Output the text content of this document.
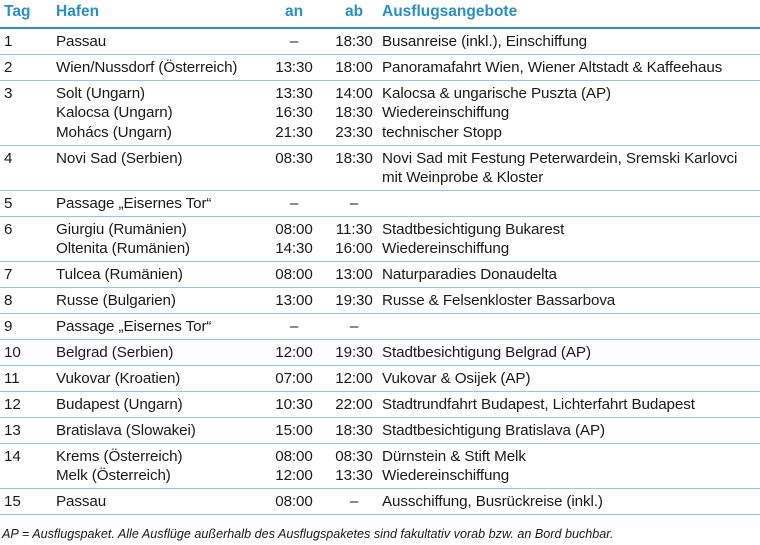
Tag Hafen	an	ab	Ausflugsangebote
1	Passau	–	18:30 Busanreise (inkl.), Einschiffung
2	Wien/Nussdorf (Österreich)	13:30	18:00 Panoramafahrt Wien, Wiener Altstadt & Kaffeehaus
3	Solt (Ungarn)	13:30	14:00 Kalocsa & ungarische Puszta (AP)
Kalocsa (Ungarn)	16:30	18:30 Wiedereinschiffung
Mohács (Ungarn)	21:30	23:30 technischer Stopp
4	Novi Sad (Serbien)	08:30	18:30 Novi Sad mit Festung Peterwardein, Sremski Karlovci
mit Weinprobe & Kloster
5	Passage „Eisernes Tor“	–	–
6	Giurgiu (Rumänien)	08:00	11:30 Stadtbesichtigung Bukarest
Oltenita (Rumänien)	14:30	16:00 Wiedereinschiffung
7	Tulcea (Rumänien)	08:00	13:00 Naturparadies Donaudelta
8	Russe (Bulgarien)	13:00	19:30 Russe & Felsenkloster Bassarbova
9	Passage „Eisernes Tor“	–	–
10 Belgrad (Serbien)	12:00	19:30 Stadtbesichtigung Belgrad (AP)
11 Vukovar (Kroatien)	07:00	12:00 Vukovar & Osijek (AP)
12 Budapest (Ungarn)	10:30	22:00 Stadtrundfahrt Budapest, Lichterfahrt Budapest
13 Bratislava (Slowakei)	15:00	18:30 Stadtbesichtigung Bratislava (AP)
14 Krems (Österreich)	08:00	08:30 Dürnstein & Stift Melk
Melk (Österreich)	12:00	13:30 Wiedereinschiffung
15 Passau	08:00	–	Ausschiffung, Busrückreise (inkl.)
AP = Ausflugspaket. Alle Ausflüge außerhalb des Ausflugspaketes sind fakultativ vorab bzw. an Bord buchbar.
